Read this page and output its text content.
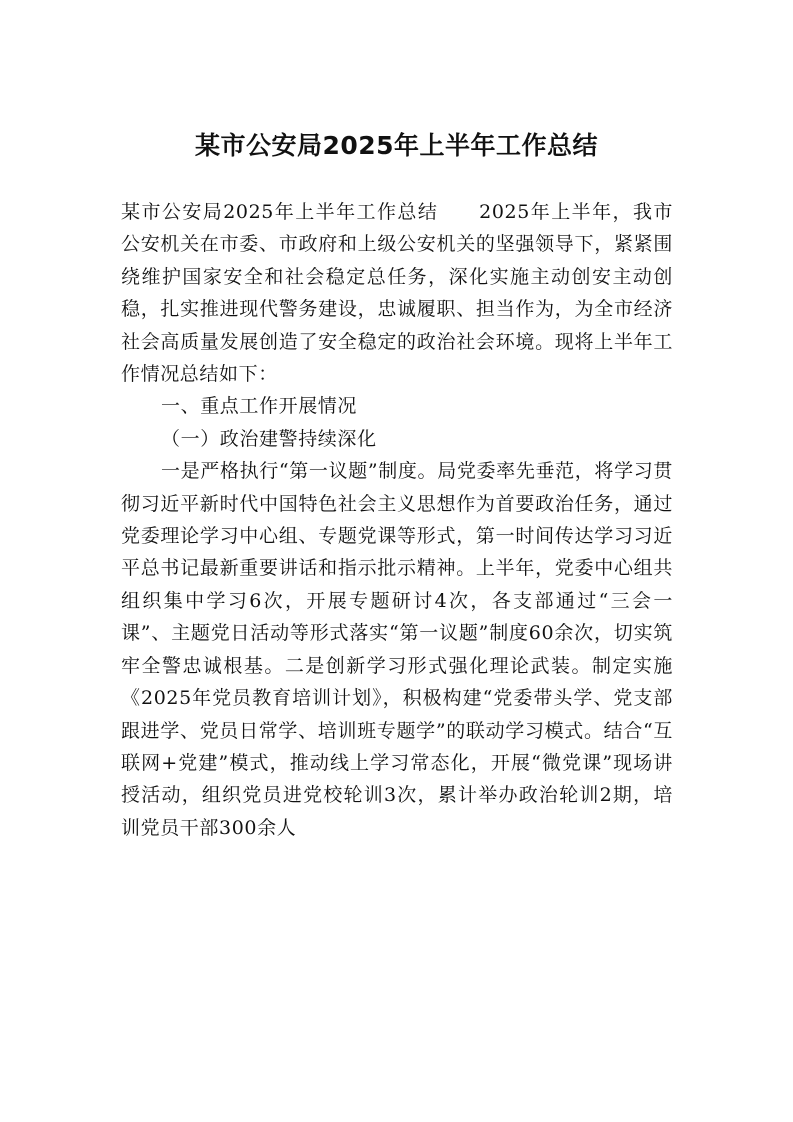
某市公安局2025年上半年工作总结

某市公安局2025年上半年工作总结　　2025年上半年，我市公安机关在市委、市政府和上级公安机关的坚强领导下，紧紧围绕维护国家安全和社会稳定总任务，深化实施主动创安主动创稳，扎实推进现代警务建设，忠诚履职、担当作为，为全市经济社会高质量发展创造了安全稳定的政治社会环境。现将上半年工作情况总结如下：

一、重点工作开展情况

（一）政治建警持续深化

一是严格执行“第一议题”制度。局党委率先垂范，将学习贯彻习近平新时代中国特色社会主义思想作为首要政治任务，通过党委理论学习中心组、专题党课等形式，第一时间传达学习习近平总书记最新重要讲话和指示批示精神。上半年，党委中心组共组织集中学习6次，开展专题研讨4次，各支部通过“三会一课”、主题党日活动等形式落实“第一议题”制度60余次，切实筑牢全警忠诚根基。二是创新学习形式强化理论武装。制定实施《2025年党员教育培训计划》，积极构建“党委带头学、党支部跟进学、党员日常学、培训班专题学”的联动学习模式。结合“互联网+党建”模式，推动线上学习常态化，开展“微党课”现场讲授活动，组织党员进党校轮训3次，累计举办政治轮训2期，培训党员干部300余人
